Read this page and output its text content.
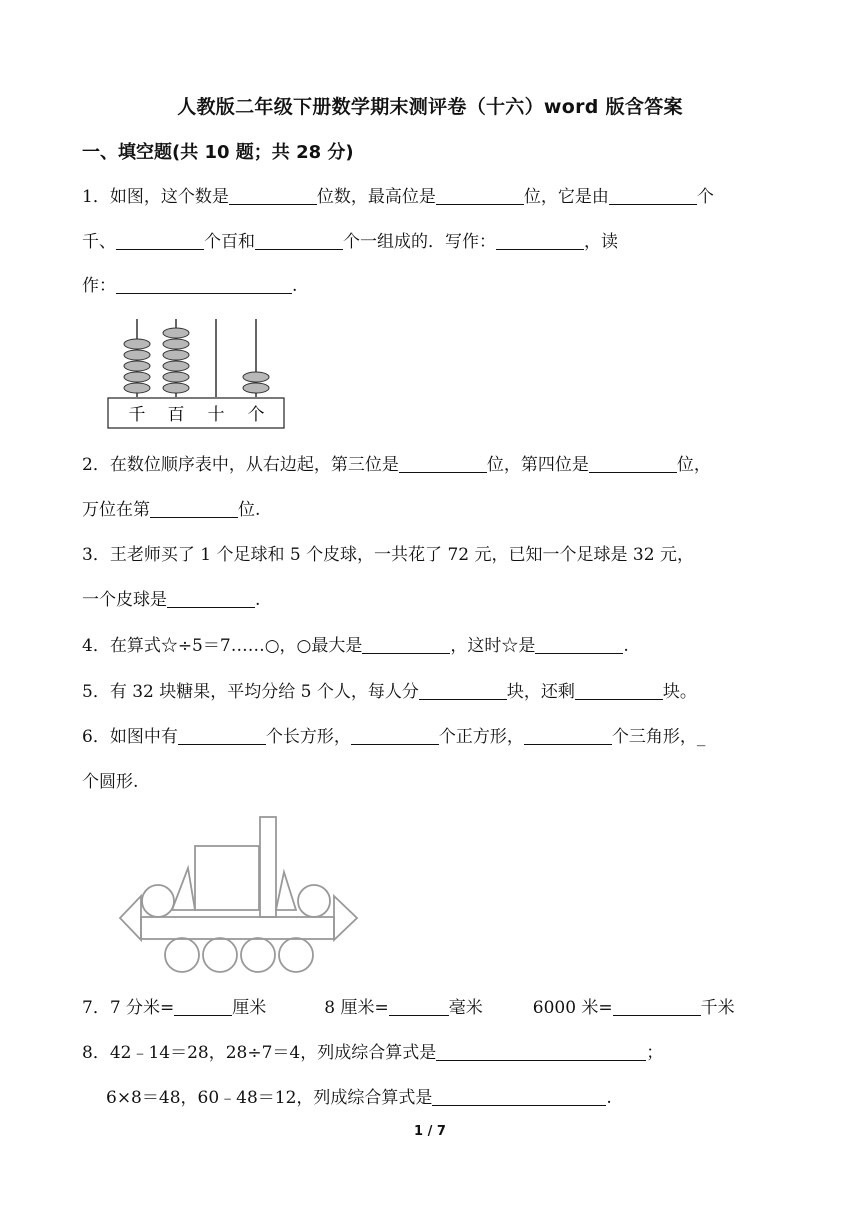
人教版二年级下册数学期末测评卷（十六）word 版含答案
一、填空题(共 10 题；共 28 分)
1．如图，这个数是	位数，最高位是	位，它是由	个
千、	个百和	个一组成的．写作：	，读
作：	.
千 百 十 个
2．在数位顺序表中，从右边起，第三位是	位，第四位是	位，
万位在第	位.
3．王老师买了 1 个足球和 5 个皮球，一共花了 72 元，已知一个足球是 32 元，
一个皮球是	.
4．在算式☆÷5＝7……○，○最大是	，这时☆是	.
5．有 32 块糖果，平均分给 5 个人，每人分	块，还剩	块。
6．如图中有	个长方形，	个正方形，	个三角形，_
个圆形.
7．7 分米=	厘米	8 厘米=	毫米	6000 米=	千米
8．42﹣14＝28，28÷7＝4，列成综合算式是	；
6×8＝48，60﹣48＝12，列成综合算式是	.
1 / 7
